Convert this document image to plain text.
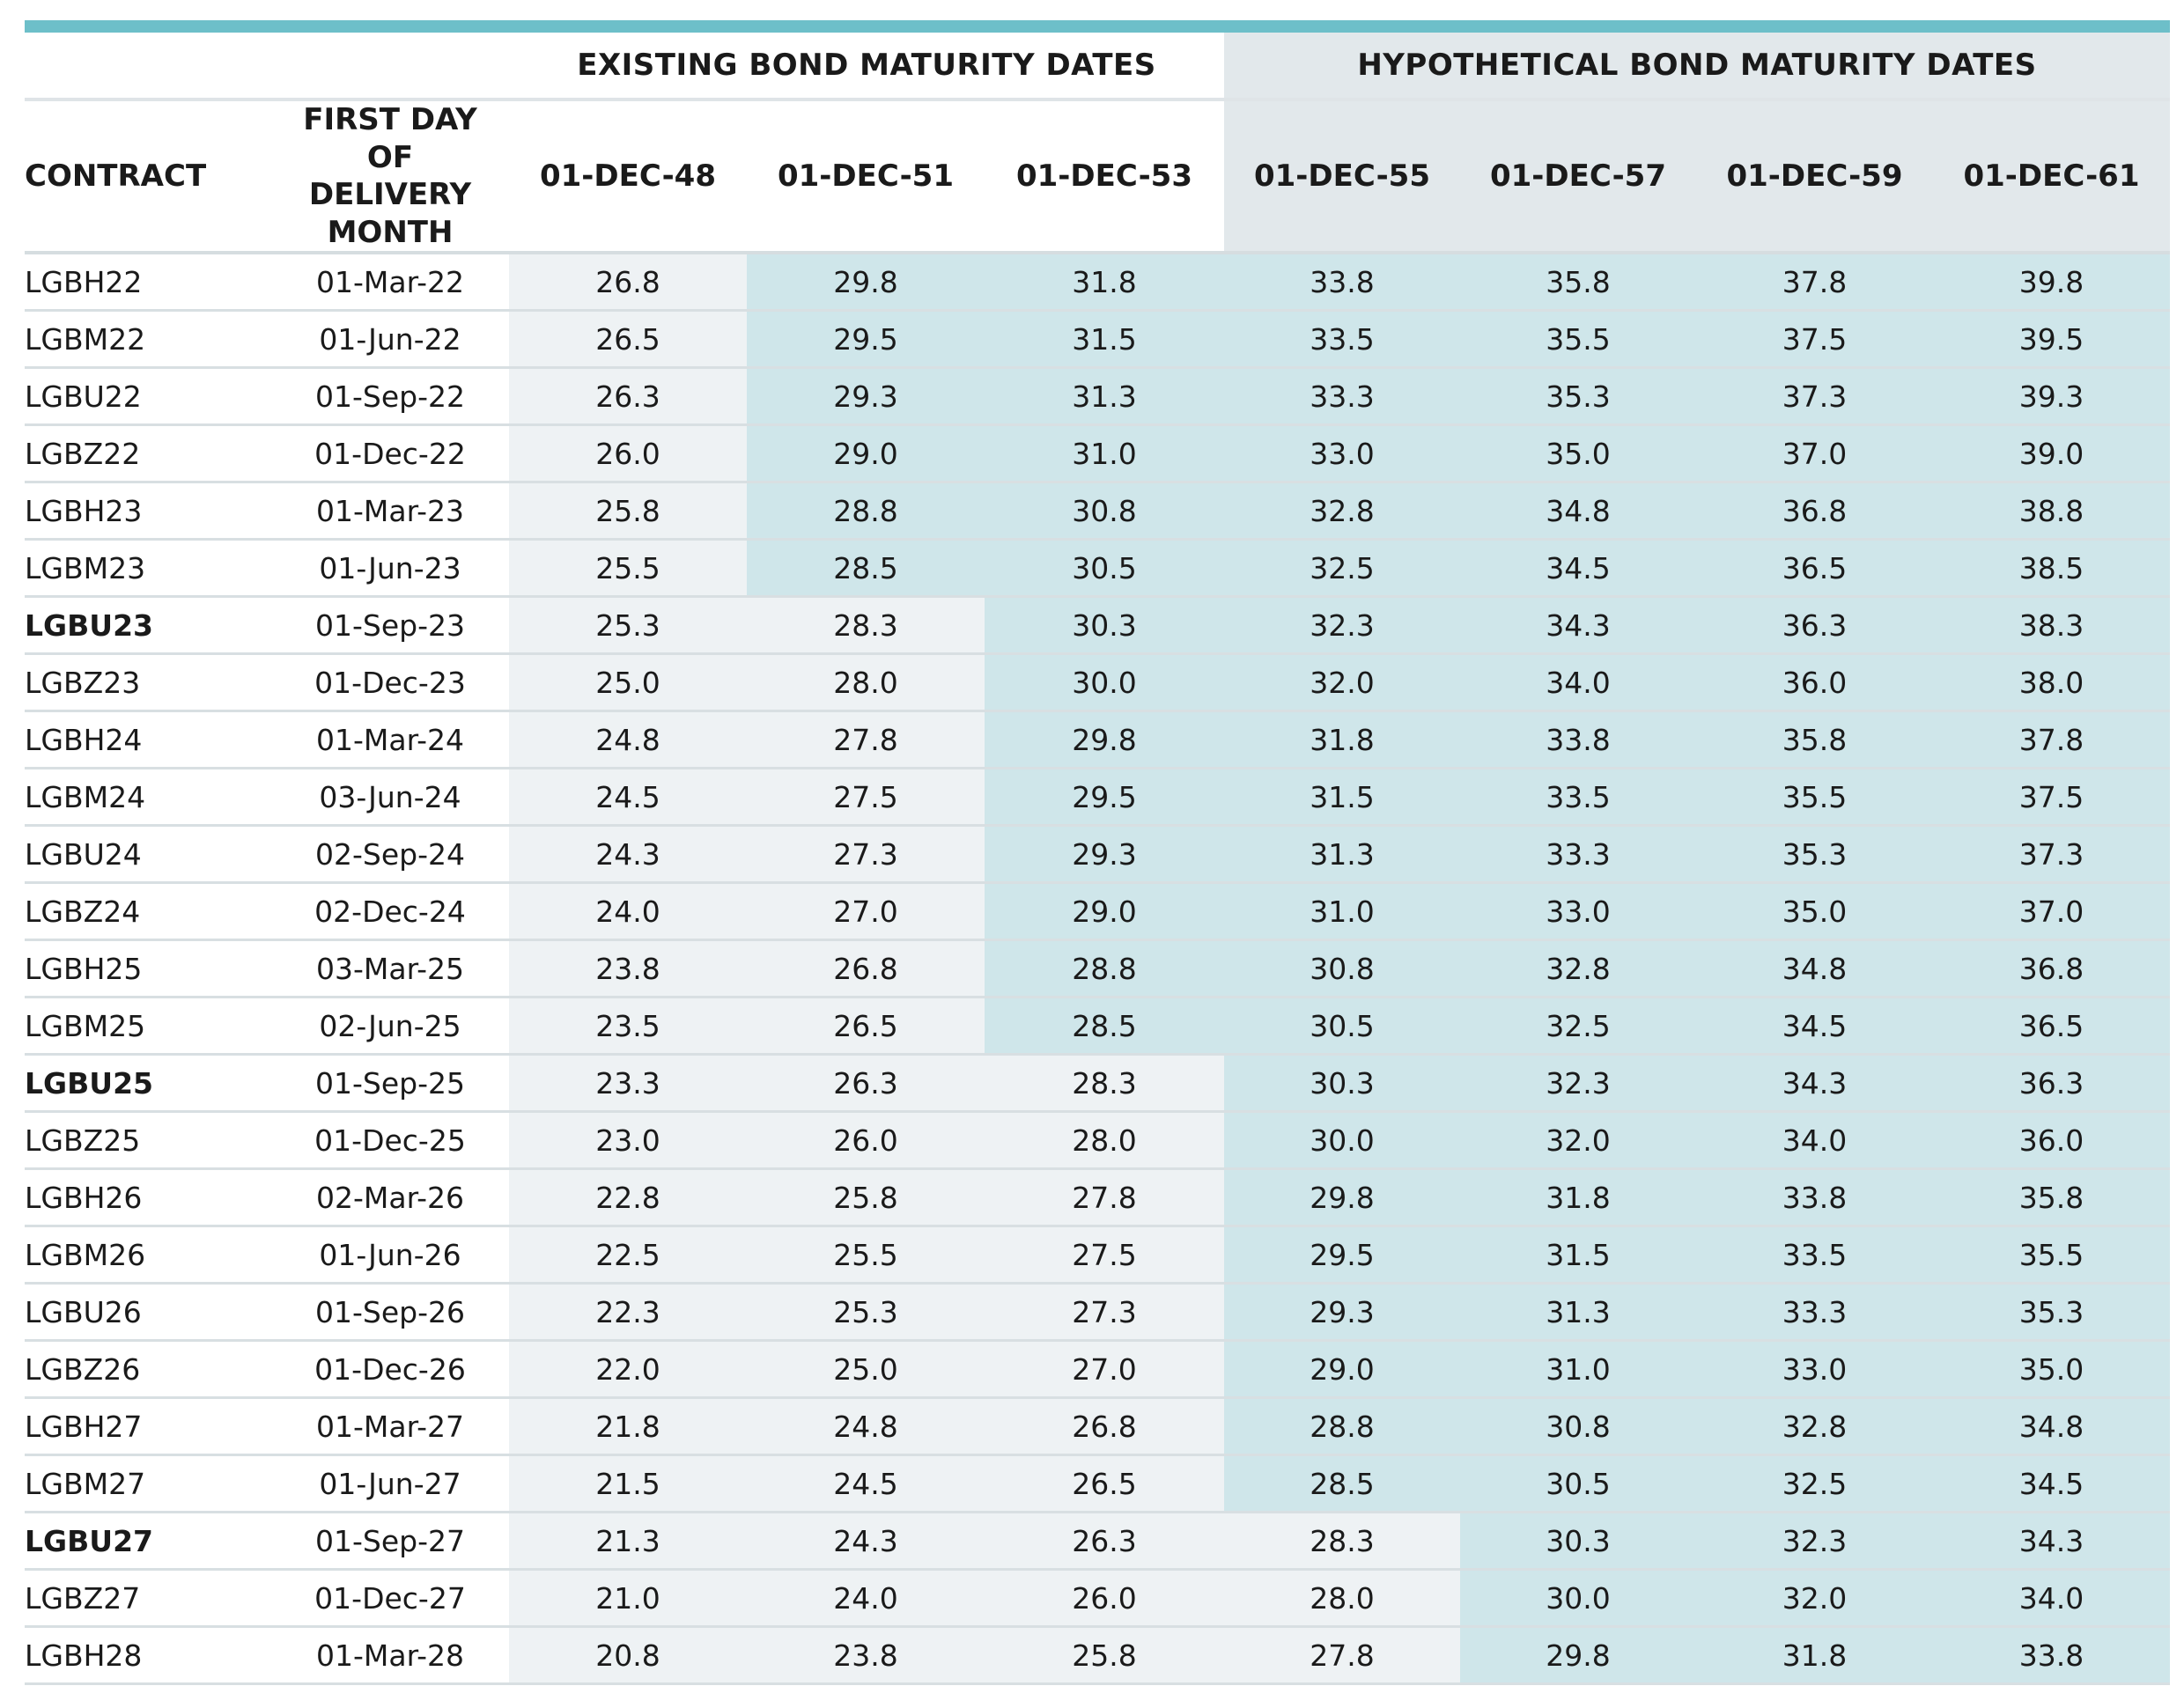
EXISTING BOND MATURITY DATES	HYPOTHETICAL BOND MATURITY DATES
CONTRACT	FIRST DAY OF DELIVERY MONTH	01-DEC-48	01-DEC-51	01-DEC-53	01-DEC-55	01-DEC-57	01-DEC-59	01-DEC-61
LGBH22	01-Mar-22	26.8	29.8	31.8	33.8	35.8	37.8	39.8
LGBM22	01-Jun-22	26.5	29.5	31.5	33.5	35.5	37.5	39.5
LGBU22	01-Sep-22	26.3	29.3	31.3	33.3	35.3	37.3	39.3
LGBZ22	01-Dec-22	26.0	29.0	31.0	33.0	35.0	37.0	39.0
LGBH23	01-Mar-23	25.8	28.8	30.8	32.8	34.8	36.8	38.8
LGBM23	01-Jun-23	25.5	28.5	30.5	32.5	34.5	36.5	38.5
LGBU23	01-Sep-23	25.3	28.3	30.3	32.3	34.3	36.3	38.3
LGBZ23	01-Dec-23	25.0	28.0	30.0	32.0	34.0	36.0	38.0
LGBH24	01-Mar-24	24.8	27.8	29.8	31.8	33.8	35.8	37.8
LGBM24	03-Jun-24	24.5	27.5	29.5	31.5	33.5	35.5	37.5
LGBU24	02-Sep-24	24.3	27.3	29.3	31.3	33.3	35.3	37.3
LGBZ24	02-Dec-24	24.0	27.0	29.0	31.0	33.0	35.0	37.0
LGBH25	03-Mar-25	23.8	26.8	28.8	30.8	32.8	34.8	36.8
LGBM25	02-Jun-25	23.5	26.5	28.5	30.5	32.5	34.5	36.5
LGBU25	01-Sep-25	23.3	26.3	28.3	30.3	32.3	34.3	36.3
LGBZ25	01-Dec-25	23.0	26.0	28.0	30.0	32.0	34.0	36.0
LGBH26	02-Mar-26	22.8	25.8	27.8	29.8	31.8	33.8	35.8
LGBM26	01-Jun-26	22.5	25.5	27.5	29.5	31.5	33.5	35.5
LGBU26	01-Sep-26	22.3	25.3	27.3	29.3	31.3	33.3	35.3
LGBZ26	01-Dec-26	22.0	25.0	27.0	29.0	31.0	33.0	35.0
LGBH27	01-Mar-27	21.8	24.8	26.8	28.8	30.8	32.8	34.8
LGBM27	01-Jun-27	21.5	24.5	26.5	28.5	30.5	32.5	34.5
LGBU27	01-Sep-27	21.3	24.3	26.3	28.3	30.3	32.3	34.3
LGBZ27	01-Dec-27	21.0	24.0	26.0	28.0	30.0	32.0	34.0
LGBH28	01-Mar-28	20.8	23.8	25.8	27.8	29.8	31.8	33.8
